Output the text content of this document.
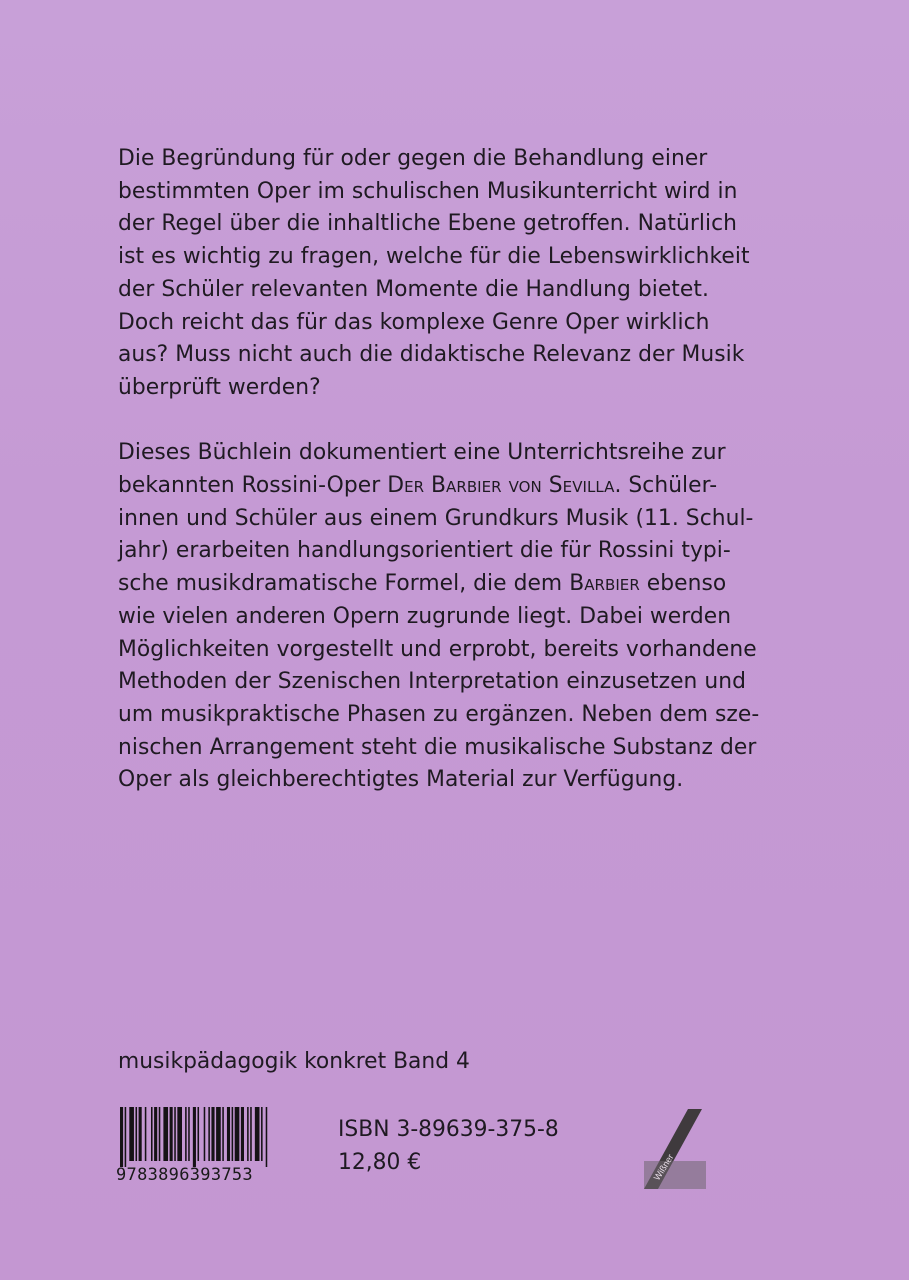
Die Begründung für oder gegen die Behandlung einer
bestimmten Oper im schulischen Musikunterricht wird in
der Regel über die inhaltliche Ebene getroffen. Natürlich
ist es wichtig zu fragen, welche für die Lebenswirklichkeit
der Schüler relevanten Momente die Handlung bietet.
Doch reicht das für das komplexe Genre Oper wirklich
aus? Muss nicht auch die didaktische Relevanz der Musik
überprüft werden?

Dieses Büchlein dokumentiert eine Unterrichtsreihe zur
bekannten Rossini-Oper Der Barbier von Sevilla. Schüler-
innen und Schüler aus einem Grundkurs Musik (11. Schul-
jahr) erarbeiten handlungsorientiert die für Rossini typi-
sche musikdramatische Formel, die dem Barbier ebenso
wie vielen anderen Opern zugrunde liegt. Dabei werden
Möglichkeiten vorgestellt und erprobt, bereits vorhandene
Methoden der Szenischen Interpretation einzusetzen und
um musikpraktische Phasen zu ergänzen. Neben dem sze-
nischen Arrangement steht die musikalische Substanz der
Oper als gleichberechtigtes Material zur Verfügung.

musikpädagogik konkret Band 4
9783896393753
ISBN 3-89639-375-8
12,80 €	Wißner
